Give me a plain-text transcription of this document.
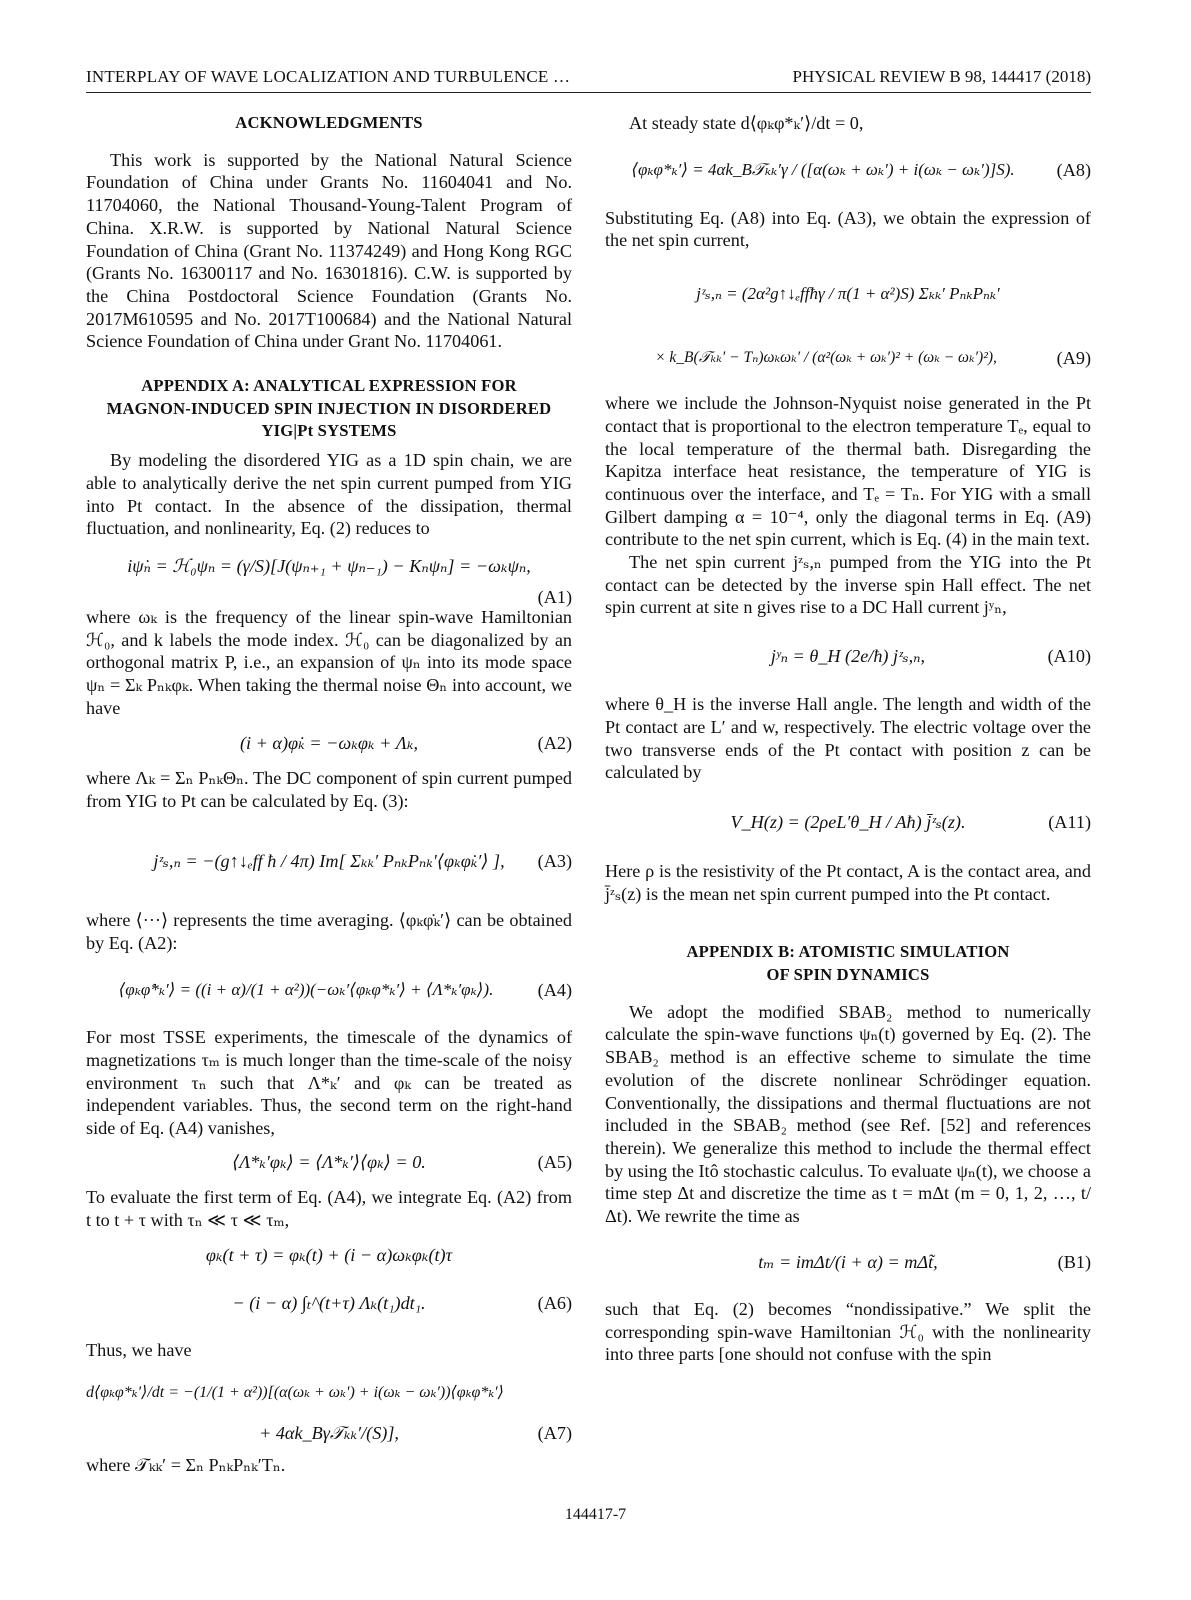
INTERPLAY OF WAVE LOCALIZATION AND TURBULENCE …	PHYSICAL REVIEW B 98, 144417 (2018)

ACKNOWLEDGMENTS

This work is supported by the National Natural Science Foundation of China under Grants No. 11604041 and No. 11704060, the National Thousand-Young-Talent Program of China. X.R.W. is supported by National Natural Science Foundation of China (Grant No. 11374249) and Hong Kong RGC (Grants No. 16300117 and No. 16301816). C.W. is supported by the China Postdoctoral Science Foundation (Grants No. 2017M610595 and No. 2017T100684) and the National Natural Science Foundation of China under Grant No. 11704061.

APPENDIX A: ANALYTICAL EXPRESSION FOR

MAGNON-INDUCED SPIN INJECTION IN DISORDERED

YIG|Pt SYSTEMS

By modeling the disordered YIG as a 1D spin chain, we are able to analytically derive the net spin current pumped from YIG into Pt contact. In the absence of the dissipation, thermal fluctuation, and nonlinearity, Eq. (2) reduces to

iψ̇ₙ = ℋ₀ψₙ = (γ/S)[J(ψₙ₊₁ + ψₙ₋₁) − Kₙψₙ] = −ωₖψₙ,
(A1)

where ωₖ is the frequency of the linear spin-wave Hamiltonian ℋ₀, and k labels the mode index. ℋ₀ can be diagonalized by an orthogonal matrix P, i.e., an expansion of ψₙ into its mode space ψₙ = Σₖ Pₙₖφₖ. When taking the thermal noise Θₙ into account, we have

(i + α)φ̇ₖ = −ωₖφₖ + Λₖ,	(A2)

where Λₖ = Σₙ PₙₖΘₙ. The DC component of spin current pumped from YIG to Pt can be calculated by Eq. (3):

jᶻₛ,ₙ = −(g↑↓ₑff ħ / 4π) Im[ Σₖₖ′ PₙₖPₙₖ′⟨φₖφ̇ₖ′⟩ ], (A3)

where ⟨···⟩ represents the time averaging. ⟨φₖφ̇ₖ′⟩ can be obtained by Eq. (A2):

⟨φₖφ̇*ₖ′⟩ = ((i + α)/(1 + α²))(−ωₖ′⟨φₖφ*ₖ′⟩ + ⟨Λ*ₖ′φₖ⟩).	(A4)

For most TSSE experiments, the timescale of the dynamics of magnetizations τₘ is much longer than the time-scale of the noisy environment τₙ such that Λ*ₖ′ and φₖ can be treated as independent variables. Thus, the second term on the right-hand side of Eq. (A4) vanishes,

⟨Λ*ₖ′φₖ⟩ = ⟨Λ*ₖ′⟩⟨φₖ⟩ = 0.	(A5)

To evaluate the first term of Eq. (A4), we integrate Eq. (A2) from t to t + τ with τₙ ≪ τ ≪ τₘ,

φₖ(t + τ) = φₖ(t) + (i − α)ωₖφₖ(t)τ
− (i − α) ∫ₜ^(t+τ) Λₖ(t₁)dt₁.	(A6)

Thus, we have

d⟨φₖφ*ₖ′⟩/dt = −(1/(1 + α²))[(α(ωₖ + ωₖ′) + i(ωₖ − ωₖ′))⟨φₖφ*ₖ′⟩
+ 4αk_Bγ𝒯ₖₖ′/(S)],	(A7)

where 𝒯ₖₖ′ = Σₙ PₙₖPₙₖ′Tₙ.

At steady state d⟨φₖφ*ₖ′⟩/dt = 0,

⟨φₖφ*ₖ′⟩ = 4αk_B𝒯ₖₖ′γ / ([α(ωₖ + ωₖ′) + i(ωₖ − ωₖ′)]S).	(A8)

Substituting Eq. (A8) into Eq. (A3), we obtain the expression of the net spin current,

jᶻₛ,ₙ = (2α²g↑↓ₑffħγ / π(1 + α²)S) Σₖₖ′ PₙₖPₙₖ′
× k_B(𝒯ₖₖ′ − Tₙ)ωₖωₖ′ / (α²(ωₖ + ωₖ′)² + (ωₖ − ωₖ′)²),	(A9)

where we include the Johnson-Nyquist noise generated in the Pt contact that is proportional to the electron temperature Tₑ, equal to the local temperature of the thermal bath. Disregarding the Kapitza interface heat resistance, the temperature of YIG is continuous over the interface, and Tₑ = Tₙ. For YIG with a small Gilbert damping α = 10⁻⁴, only the diagonal terms in Eq. (A9) contribute to the net spin current, which is Eq. (4) in the main text.

The net spin current jᶻₛ,ₙ pumped from the YIG into the Pt contact can be detected by the inverse spin Hall effect. The net spin current at site n gives rise to a DC Hall current jʸₙ,

jʸₙ = θ_H (2e/ħ) jᶻₛ,ₙ,	(A10)

where θ_H is the inverse Hall angle. The length and width of the Pt contact are L′ and w, respectively. The electric voltage over the two transverse ends of the Pt contact with position z can be calculated by

V_H(z) = (2ρeL′θ_H / Aħ) j̄ᶻₛ(z).	(A11)

Here ρ is the resistivity of the Pt contact, A is the contact area, and j̄ᶻₛ(z) is the mean net spin current pumped into the Pt contact.

APPENDIX B: ATOMISTIC SIMULATION

OF SPIN DYNAMICS

We adopt the modified SBAB₂ method to numerically calculate the spin-wave functions ψₙ(t) governed by Eq. (2). The SBAB₂ method is an effective scheme to simulate the time evolution of the discrete nonlinear Schrödinger equation. Conventionally, the dissipations and thermal fluctuations are not included in the SBAB₂ method (see Ref. [52] and references therein). We generalize this method to include the thermal effect by using the Itô stochastic calculus. To evaluate ψₙ(t), we choose a time step Δt and discretize the time as t = mΔt (m = 0, 1, 2, …, t/Δt). We rewrite the time as

tₘ = imΔt/(i + α) = mΔt̃,	(B1)

such that Eq. (2) becomes “nondissipative.” We split the corresponding spin-wave Hamiltonian ℋ₀ with the nonlinearity into three parts [one should not confuse with the spin

144417-7
